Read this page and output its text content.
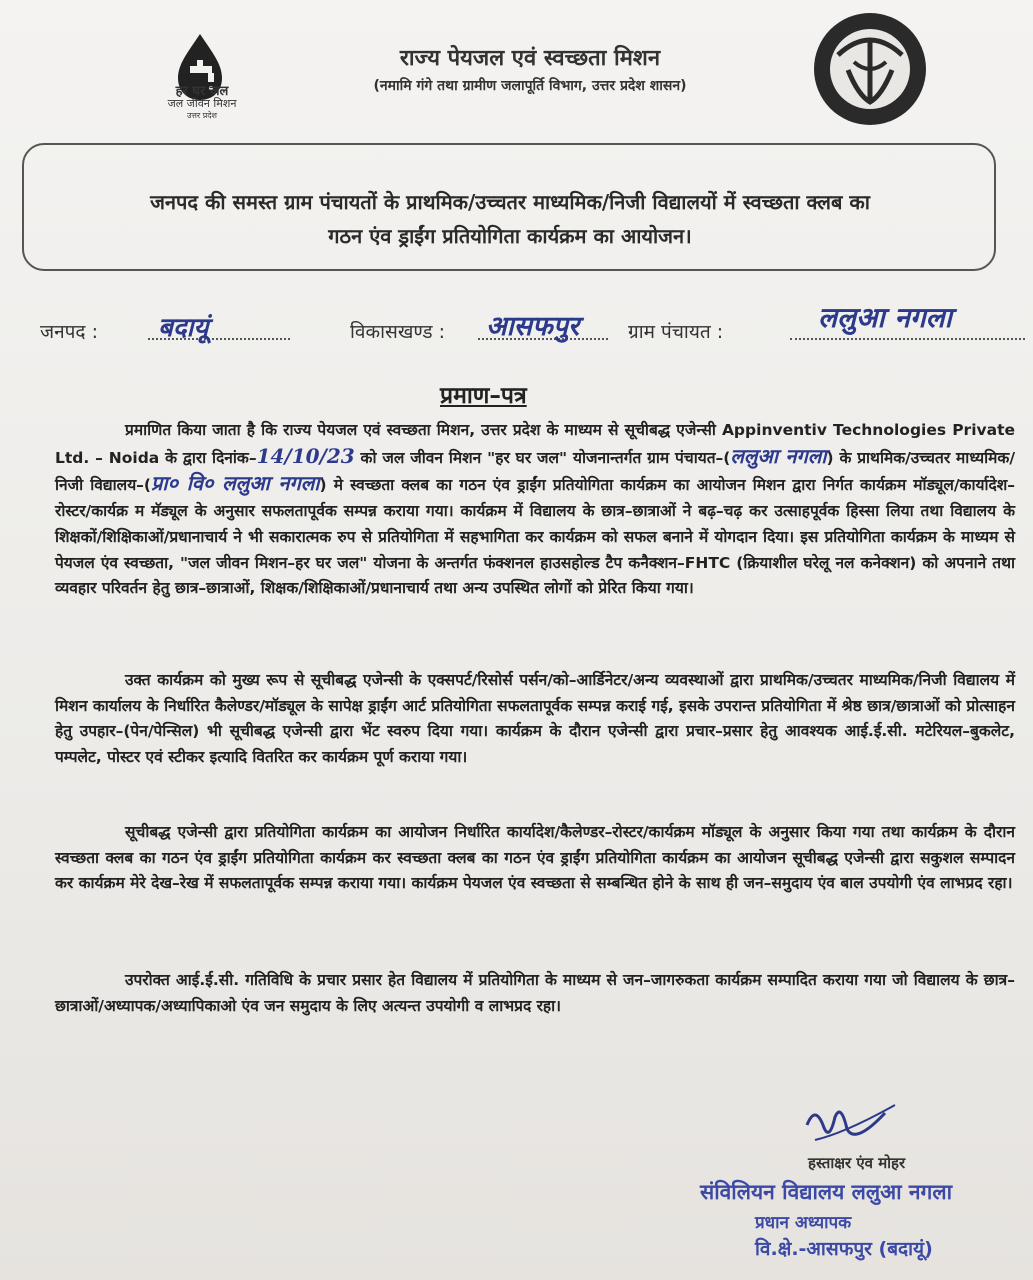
हर घर जल
जल जीवन मिशन
उत्तर प्रदेश
राज्य पेयजल एवं स्वच्छता मिशन
(नमामि गंगे तथा ग्रामीण जलापूर्ति विभाग, उत्तर प्रदेश शासन)
जनपद की समस्त ग्राम पंचायतों के प्राथमिक/उच्चतर माध्यमिक/निजी विद्यालयों में स्वच्छता क्लब का
गठन एंव ड्राईंग प्रतियोगिता कार्यक्रम का आयोजन।
जनपद : बदायूं	विकासखण्ड : आसफपुर	ग्राम पंचायत :	ललुआ नगला
प्रमाण–पत्र
प्रमाणित किया जाता है कि राज्य पेयजल एवं स्वच्छता मिशन, उत्तर प्रदेश के माध्यम से सूचीबद्ध एजेन्सी Appinventiv Technologies Private Ltd. – Noida के द्वारा दिनांक–14/10/23 को जल जीवन मिशन "हर घर जल" योजनान्तर्गत ग्राम पंचायत–(ललुआ नगला) के प्राथमिक/उच्चतर माध्यमिक/निजी विद्यालय–(प्रा० वि० ललुआ नगला) मे स्वच्छता क्लब का गठन एंव ड्राईंग प्रतियोगिता कार्यक्रम का आयोजन मिशन द्वारा निर्गत कार्यक्रम मॉड्यूल/कार्यादेश–रोस्टर/कार्यक्र म मॅड्यूल के अनुसार सफलतापूर्वक सम्पन्न कराया गया। कार्यक्रम में विद्यालय के छात्र–छात्राओं ने बढ़–चढ़ कर उत्साहपूर्वक हिस्सा लिया तथा विद्यालय के शिक्षकों/शिक्षिकाओं/प्रधानाचार्य ने भी सकारात्मक रुप से प्रतियोगिता में सहभागिता कर कार्यक्रम को सफल बनाने में योगदान दिया। इस प्रतियोगिता कार्यक्रम के माध्यम से पेयजल एंव स्वच्छता, "जल जीवन मिशन–हर घर जल" योजना के अन्तर्गत फंक्शनल हाउसहोल्ड टैप कनैक्शन–FHTC (क्रियाशील घरेलू नल कनेक्शन) को अपनाने तथा व्यवहार परिवर्तन हेतु छात्र–छात्राओं, शिक्षक/शिक्षिकाओं/प्रधानाचार्य तथा अन्य उपस्थित लोगों को प्रेरित किया गया।
उक्त कार्यक्रम को मुख्य रूप से सूचीबद्ध एजेन्सी के एक्सपर्ट/रिसोर्स पर्सन/को–आर्डिनेटर/अन्य व्यवस्थाओं द्वारा प्राथमिक/उच्चतर माध्यमिक/निजी विद्यालय में मिशन कार्यालय के निर्धारित कैलेण्डर/मॉड्यूल के सापेक्ष ड्राईंग आर्ट प्रतियोगिता सफलतापूर्वक सम्पन्न कराई गई, इसके उपरान्त प्रतियोगिता में श्रेष्ठ छात्र/छात्राओं को प्रोत्साहन हेतु उपहार–(पेन/पेन्सिल) भी सूचीबद्ध एजेन्सी द्वारा भेंट स्वरुप दिया गया। कार्यक्रम के दौरान एजेन्सी द्वारा प्रचार–प्रसार हेतु आवश्यक आई.ई.सी. मटेरियल–बुकलेट, पम्पलेट, पोस्टर एवं स्टीकर इत्यादि वितरित कर कार्यक्रम पूर्ण कराया गया।
सूचीबद्ध एजेन्सी द्वारा प्रतियोगिता कार्यक्रम का आयोजन निर्धारित कार्यादेश/कैलेण्डर–रोस्टर/कार्यक्रम मॉड्यूल के अनुसार किया गया तथा कार्यक्रम के दौरान स्वच्छता क्लब का गठन एंव ड्राईंग प्रतियोगिता कार्यक्रम कर स्वच्छता क्लब का गठन एंव ड्राईंग प्रतियोगिता कार्यक्रम का आयोजन सूचीबद्ध एजेन्सी द्वारा सकुशल सम्पादन कर कार्यक्रम मेरे देख–रेख में सफलतापूर्वक सम्पन्न कराया गया। कार्यक्रम पेयजल एंव स्वच्छता से सम्बन्धित होने के साथ ही जन–समुदाय एंव बाल उपयोगी एंव लाभप्रद रहा।
उपरोक्त आई.ई.सी. गतिविधि के प्रचार प्रसार हेत विद्यालय में प्रतियोगिता के माध्यम से जन–जागरुकता कार्यक्रम सम्पादित कराया गया जो विद्यालय के छात्र–छात्राओं/अध्यापक/अध्यापिकाओ एंव जन समुदाय के लिए अत्यन्त उपयोगी व लाभप्रद रहा।
हस्ताक्षर एंव मोहर
संविलियन विद्यालय ललुआ नगला
प्रधान अध्यापक
वि.क्षे.-आसफपुर (बदायूं)
